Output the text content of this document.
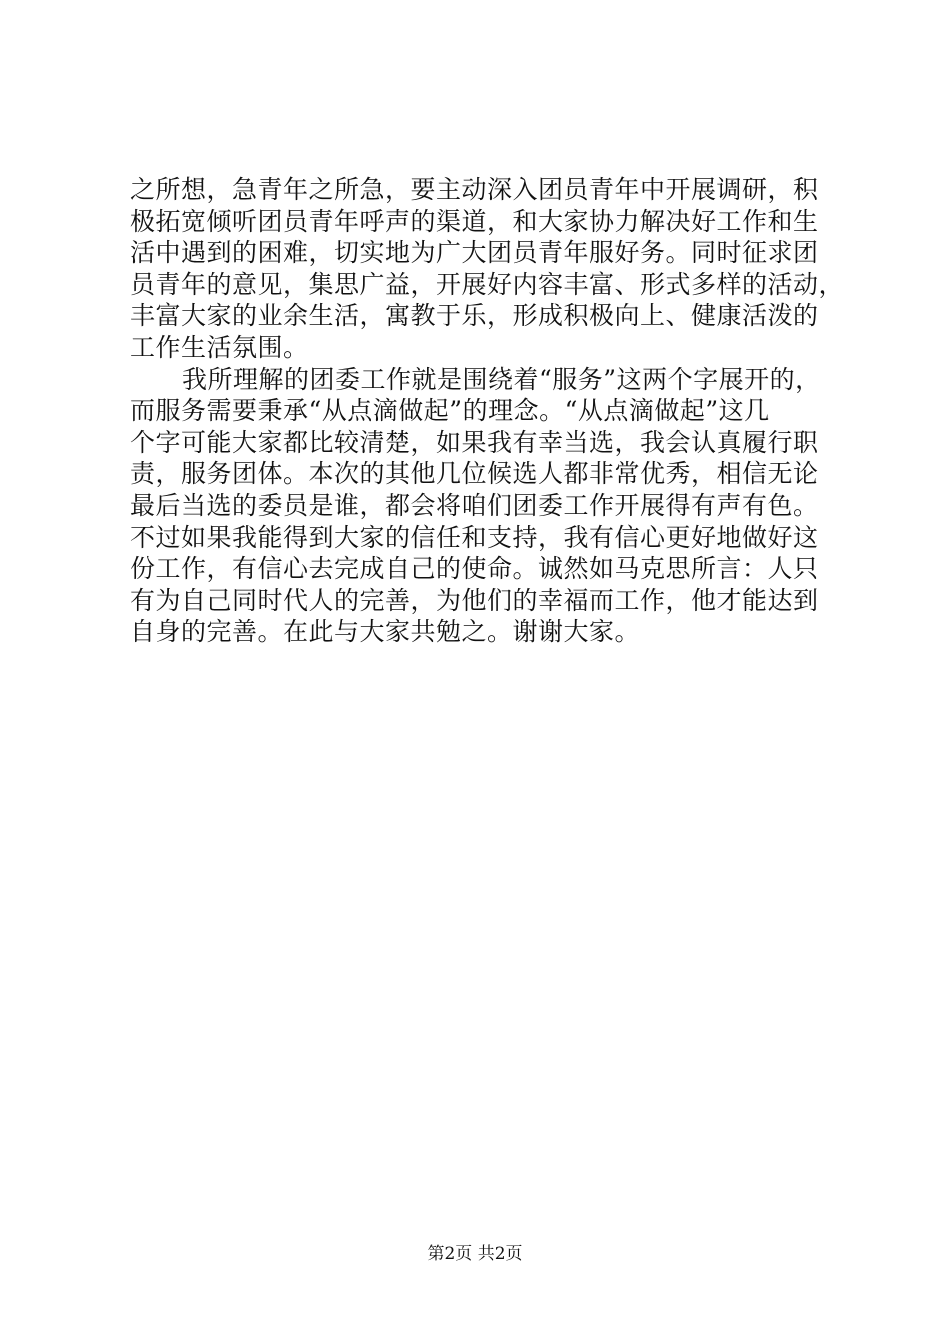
之所想，急青年之所急，要主动深入团员青年中开展调研，积
极拓宽倾听团员青年呼声的渠道，和大家协力解决好工作和生
活中遇到的困难，切实地为广大团员青年服好务。同时征求团
员青年的意见，集思广益，开展好内容丰富、形式多样的活动，
丰富大家的业余生活，寓教于乐，形成积极向上、健康活泼的
工作生活氛围。
我所理解的团委工作就是围绕着“服务”这两个字展开的，
而服务需要秉承“从点滴做起”的理念。“从点滴做起”这几
个字可能大家都比较清楚，如果我有幸当选，我会认真履行职
责，服务团体。本次的其他几位候选人都非常优秀，相信无论
最后当选的委员是谁，都会将咱们团委工作开展得有声有色。
不过如果我能得到大家的信任和支持，我有信心更好地做好这
份工作，有信心去完成自己的使命。诚然如马克思所言：人只
有为自己同时代人的完善，为他们的幸福而工作，他才能达到
自身的完善。在此与大家共勉之。谢谢大家。
第2页 共2页
